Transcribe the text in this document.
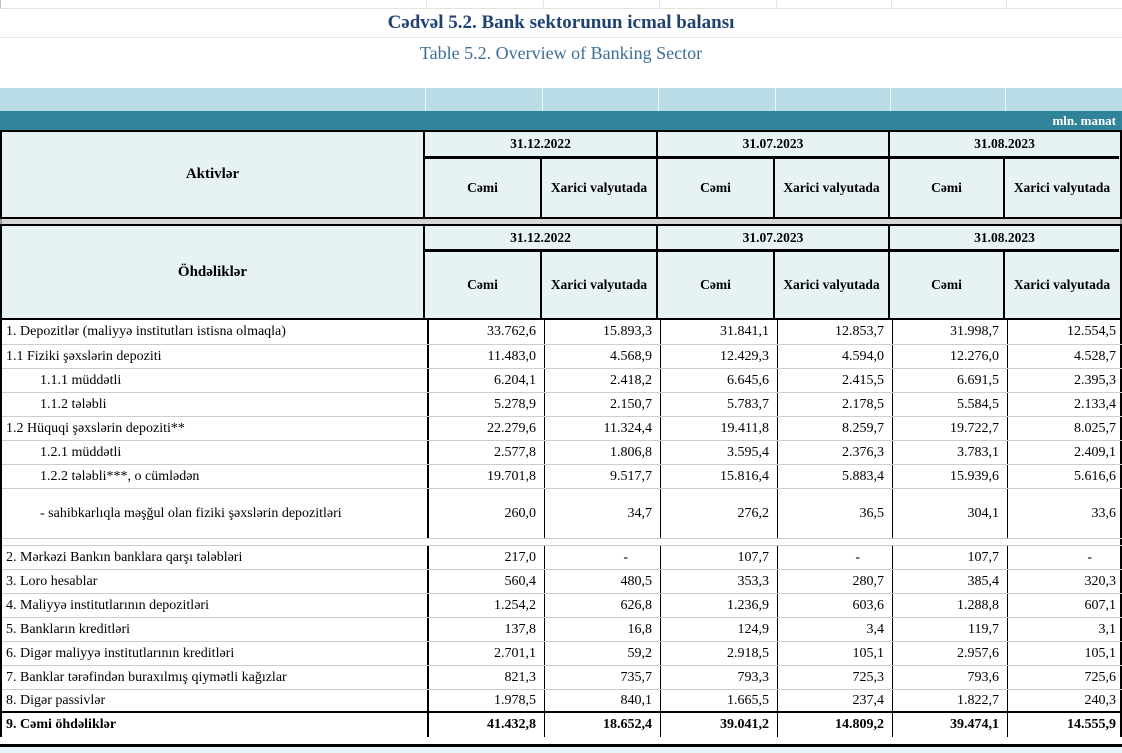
Cədvəl 5.2. Bank sektorunun icmal balansı
Table 5.2. Overview of Banking Sector
mln. manat
Aktivlər
31.12.2022	31.07.2023	31.08.2023
Cəmi	Xarici valyutada	Cəmi	Xarici valyutada	Cəmi	Xarici valyutada
Öhdəliklər
31.12.2022	31.07.2023	31.08.2023
Cəmi	Xarici valyutada	Cəmi	Xarici valyutada	Cəmi	Xarici valyutada
1. Depozitlər (maliyyə institutları istisna olmaqla)	33.762,6	15.893,3	31.841,1	12.853,7	31.998,7	12.554,5
1.1 Fiziki şəxslərin depoziti	11.483,0	4.568,9	12.429,3	4.594,0	12.276,0	4.528,7
1.1.1 müddətli	6.204,1	2.418,2	6.645,6	2.415,5	6.691,5	2.395,3
1.1.2 tələbli	5.278,9	2.150,7	5.783,7	2.178,5	5.584,5	2.133,4
1.2 Hüquqi şəxslərin depoziti**	22.279,6	11.324,4	19.411,8	8.259,7	19.722,7	8.025,7
1.2.1 müddətli	2.577,8	1.806,8	3.595,4	2.376,3	3.783,1	2.409,1
1.2.2 tələbli***, o cümlədən	19.701,8	9.517,7	15.816,4	5.883,4	15.939,6	5.616,6
- sahibkarlıqla məşğul olan fiziki şəxslərin depozitləri	260,0	34,7	276,2	36,5	304,1	33,6
2. Mərkəzi Bankın banklara qarşı tələbləri	217,0	-	107,7	-	107,7	-
3. Loro hesablar	560,4	480,5	353,3	280,7	385,4	320,3
4. Maliyyə institutlarının depozitləri	1.254,2	626,8	1.236,9	603,6	1.288,8	607,1
5. Bankların kreditləri	137,8	16,8	124,9	3,4	119,7	3,1
6. Digər maliyyə institutlarının kreditləri	2.701,1	59,2	2.918,5	105,1	2.957,6	105,1
7. Banklar tərəfindən buraxılmış qiymətli kağızlar	821,3	735,7	793,3	725,3	793,6	725,6
8. Digər passivlər	1.978,5	840,1	1.665,5	237,4	1.822,7	240,3
9. Cəmi öhdəliklər	41.432,8	18.652,4	39.041,2	14.809,2	39.474,1	14.555,9
